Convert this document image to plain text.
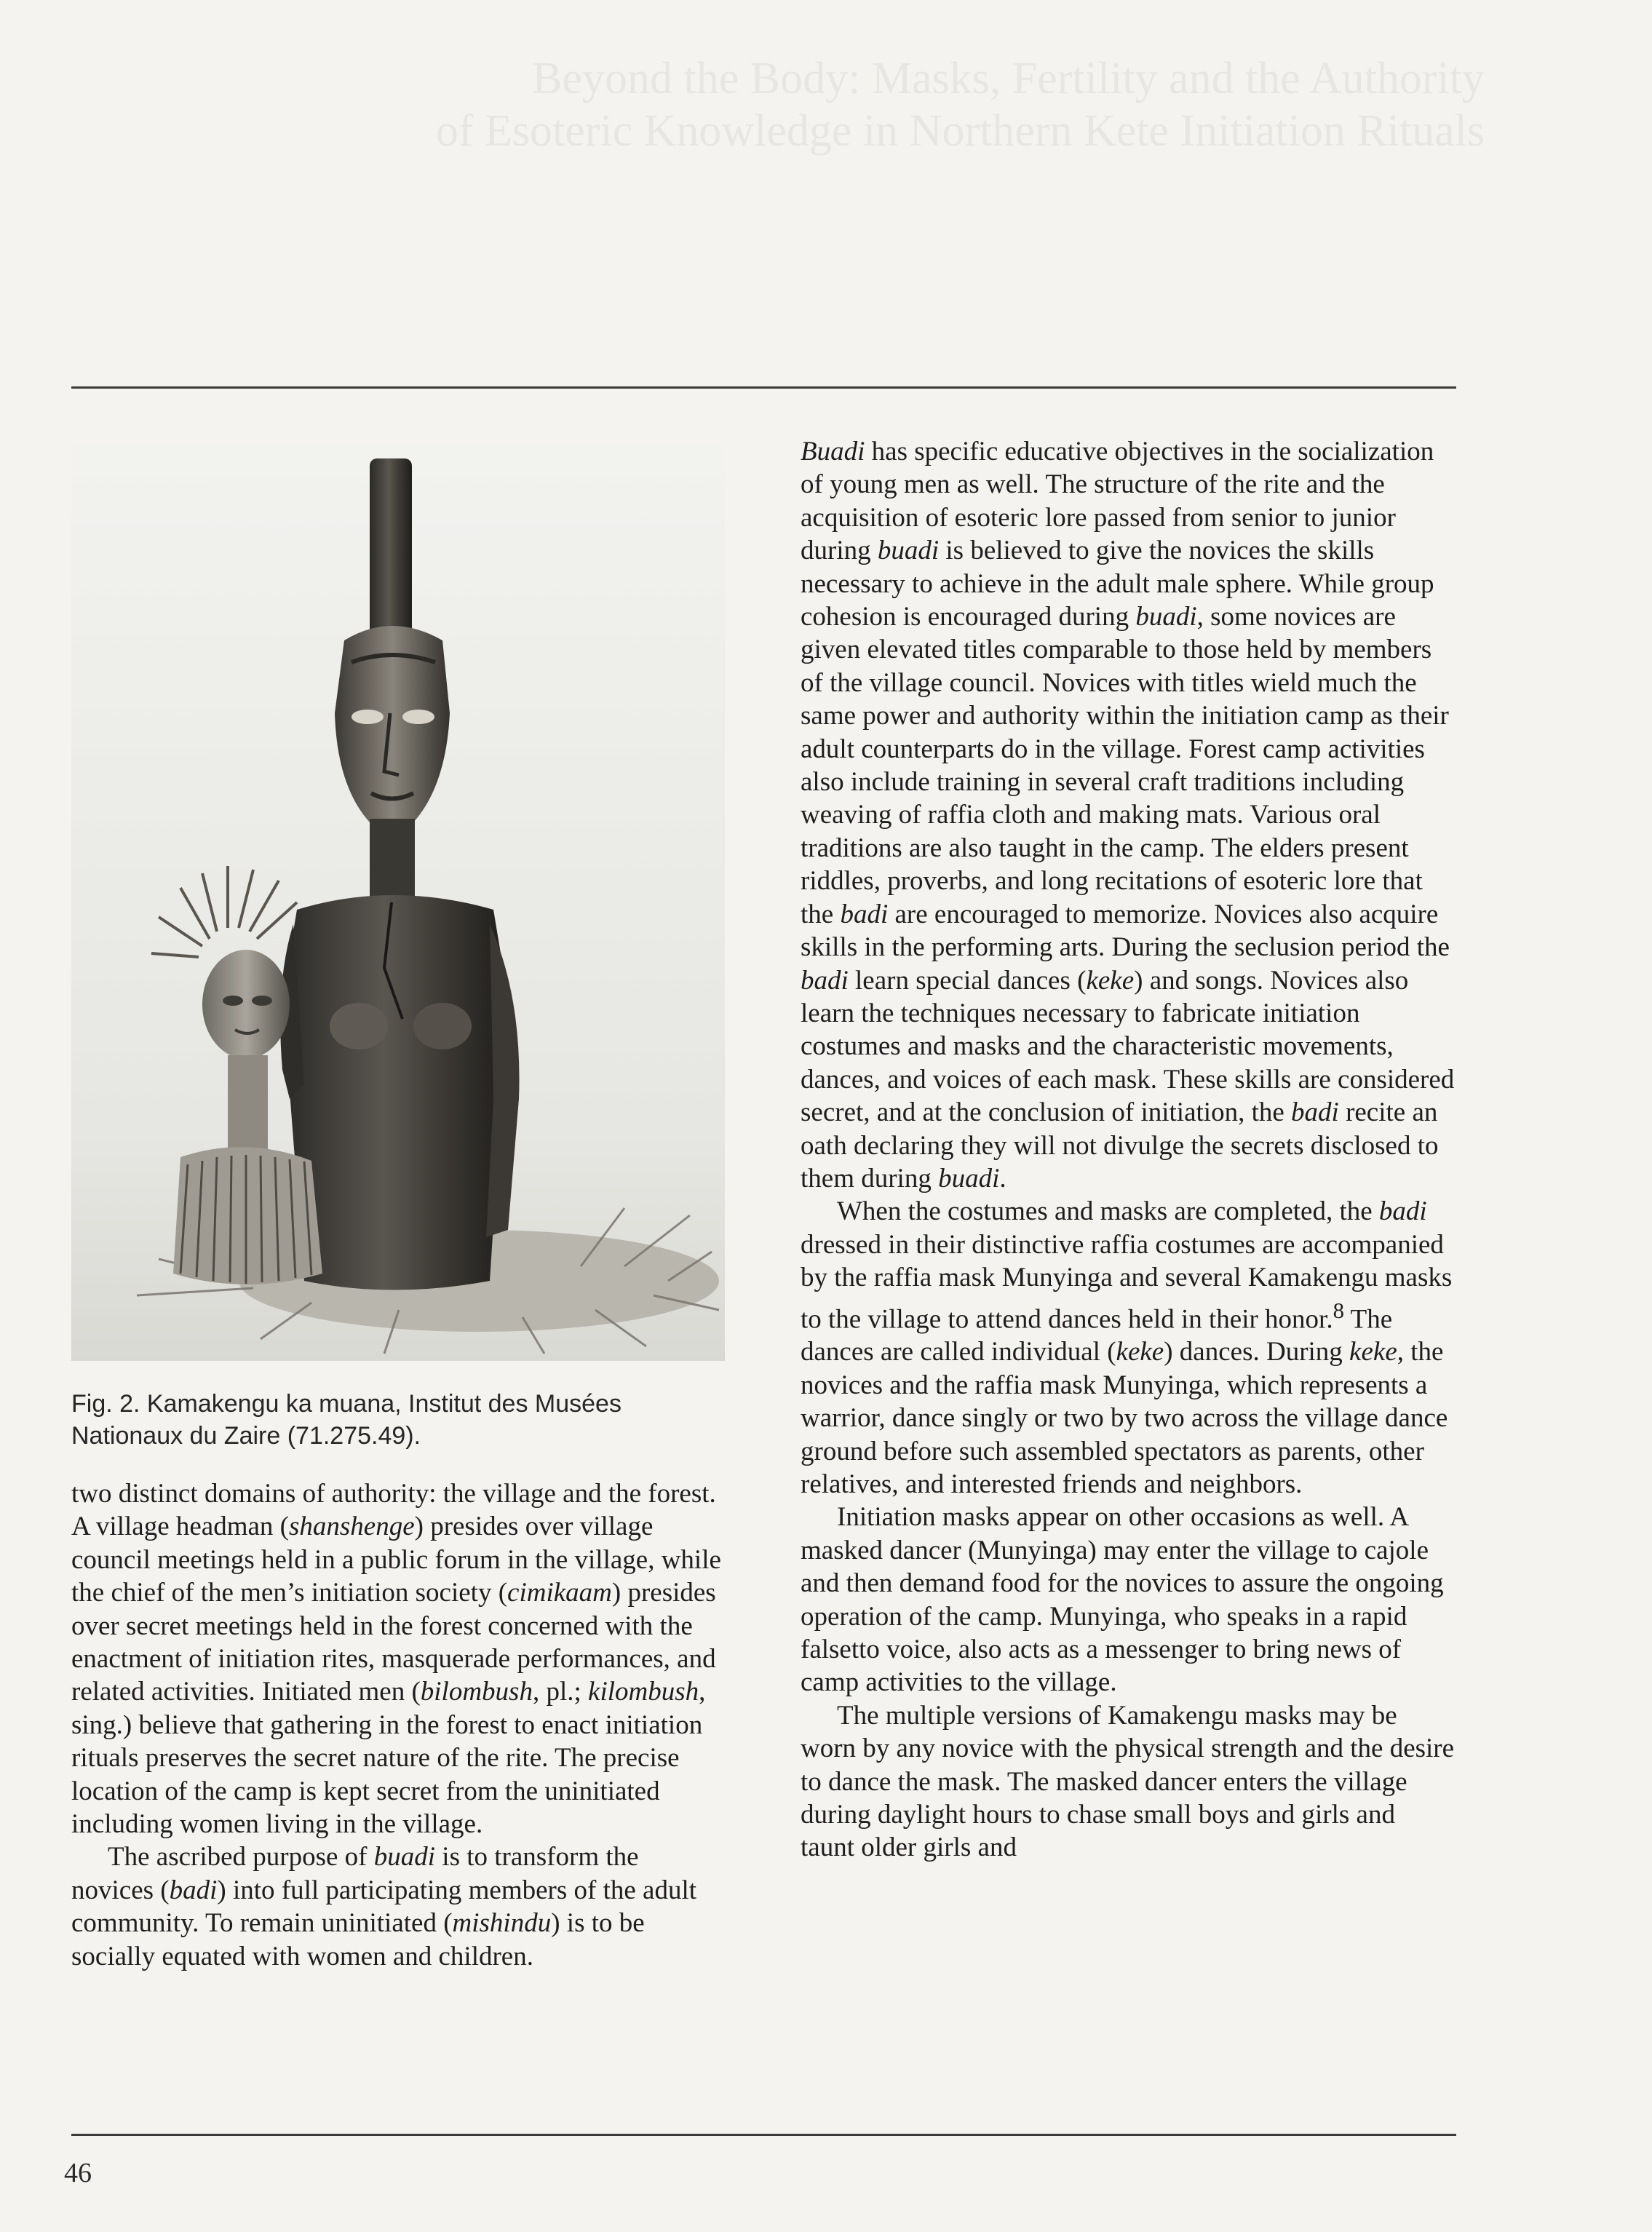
Beyond the Body: Masks, Fertility and the Authority
of Esoteric Knowledge in Northern Kete Initiation Rituals
Fig. 2. Kamakengu ka muana, Institut des Musées
Nationaux du Zaire (71.275.49).

two distinct domains of authority: the village and the forest. A village headman (shanshenge) presides over village council meetings held in a public forum in the village, while the chief of the men’s initiation society (cimikaam) presides over secret meetings held in the forest concerned with the enactment of initiation rites, masquerade performances, and related activities. Initiated men (bilombush, pl.; kilombush, sing.) believe that gathering in the forest to enact initiation rituals preserves the secret nature of the rite. The precise location of the camp is kept secret from the uninitiated including women living in the village.

The ascribed purpose of buadi is to transform the novices (badi) into full participating members of the adult community. To remain uninitiated (mishindu) is to be socially equated with women and children.

Buadi has specific educative objectives in the socialization of young men as well. The structure of the rite and the acquisition of esoteric lore passed from senior to junior during buadi is believed to give the novices the skills necessary to achieve in the adult male sphere. While group cohesion is encouraged during buadi, some novices are given elevated titles comparable to those held by members of the village council. Novices with titles wield much the same power and authority within the initiation camp as their adult counterparts do in the village. Forest camp activities also include training in several craft traditions including weaving of raffia cloth and making mats. Various oral traditions are also taught in the camp. The elders present riddles, proverbs, and long recitations of esoteric lore that the badi are encouraged to memorize. Novices also acquire skills in the performing arts. During the seclusion period the badi learn special dances (keke) and songs. Novices also learn the techniques necessary to fabricate initiation costumes and masks and the characteristic movements, dances, and voices of each mask. These skills are considered secret, and at the conclusion of initiation, the badi recite an oath declaring they will not divulge the secrets disclosed to them during buadi.

When the costumes and masks are completed, the badi dressed in their distinctive raffia costumes are accompanied by the raffia mask Munyinga and several Kamakengu masks to the village to attend dances held in their honor.$^8$ The dances are called individual (keke) dances. During keke, the novices and the raffia mask Munyinga, which represents a warrior, dance singly or two by two across the village dance ground before such assembled spectators as parents, other relatives, and interested friends and neighbors.

Initiation masks appear on other occasions as well. A masked dancer (Munyinga) may enter the village to cajole and then demand food for the novices to assure the ongoing operation of the camp. Munyinga, who speaks in a rapid falsetto voice, also acts as a messenger to bring news of camp activities to the village.

The multiple versions of Kamakengu masks may be worn by any novice with the physical strength and the desire to dance the mask. The masked dancer enters the village during daylight hours to chase small boys and girls and taunt older girls and

46
